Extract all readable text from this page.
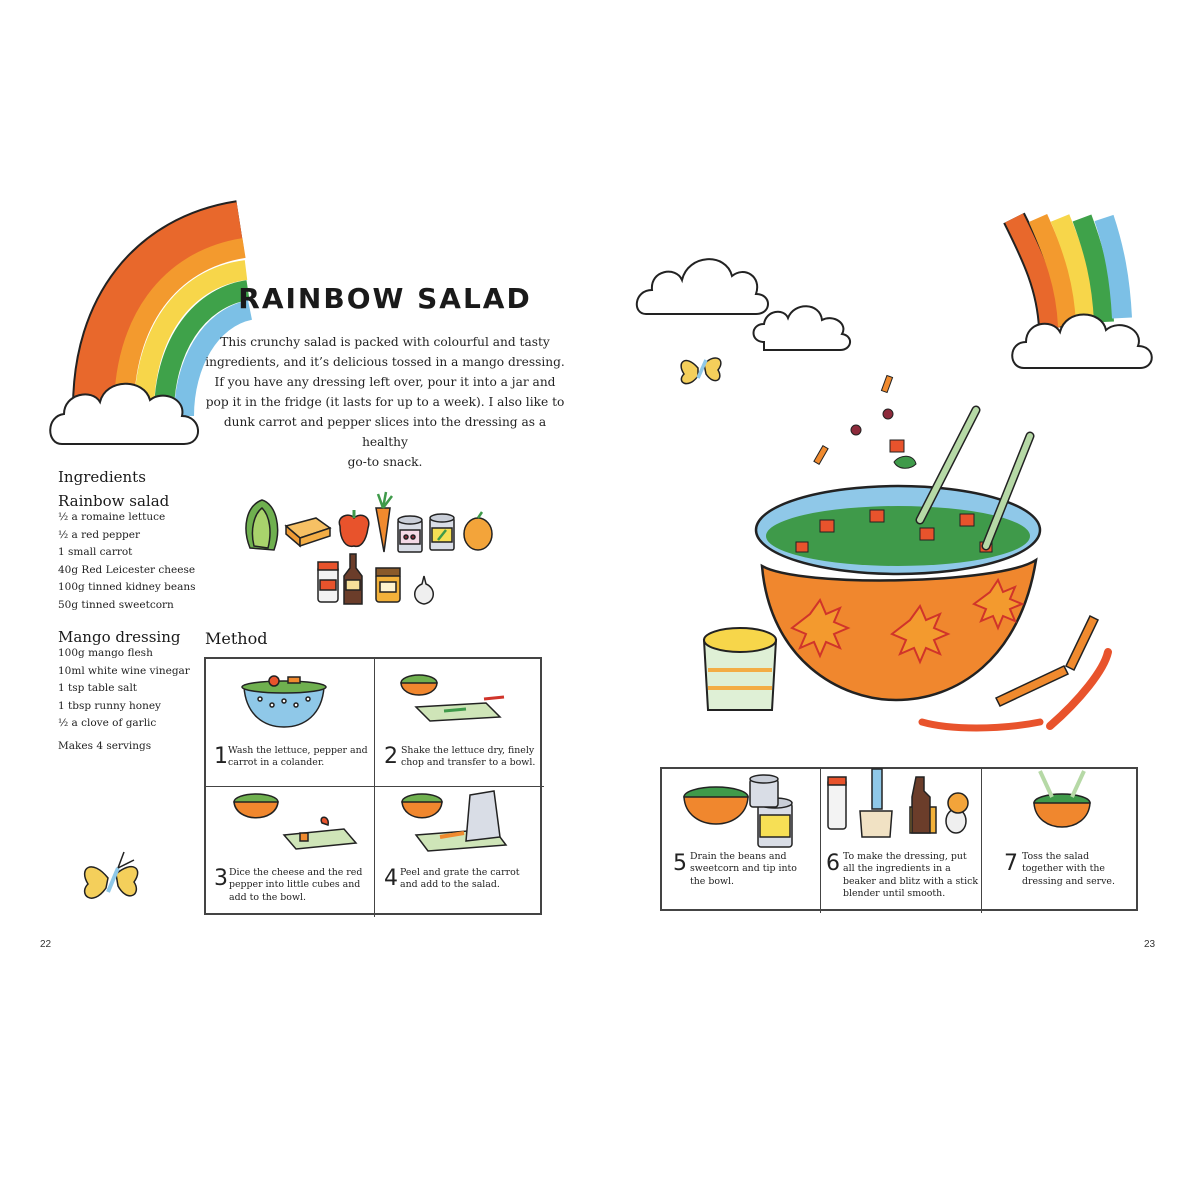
RAINBOW SALAD
This crunchy salad is packed with colourful and tasty
ingredients, and it’s delicious tossed in a mango dressing.
If you have any dressing left over, pour it into a jar and
pop it in the fridge (it lasts for up to a week). I also like to
dunk carrot and pepper slices into the dressing as a healthy
go-to snack.
Ingredients
Rainbow salad
½ a romaine lettuce
½ a red pepper
1 small carrot
40g Red Leicester cheese
100g tinned kidney beans
50g tinned sweetcorn
Mango dressing
100g mango flesh
10ml white wine vinegar
1 tsp table salt
1 tbsp runny honey
½ a clove of garlic
Makes 4 servings
Method
1 Wash the lettuce, pepper and
carrot in a colander.	2 Shake the lettuce dry, finely
chop and transfer to a bowl.
3 Dice the cheese and the red
pepper into little cubes and
add to the bowl.
4 Peel and grate the carrot
and add to the salad.
22
5 Drain the beans and
sweetcorn and tip into
the bowl.
6 To make the dressing, put
all the ingredients in a
beaker and blitz with a stick
blender until smooth.
7 Toss the salad
together with the
dressing and serve.
23
